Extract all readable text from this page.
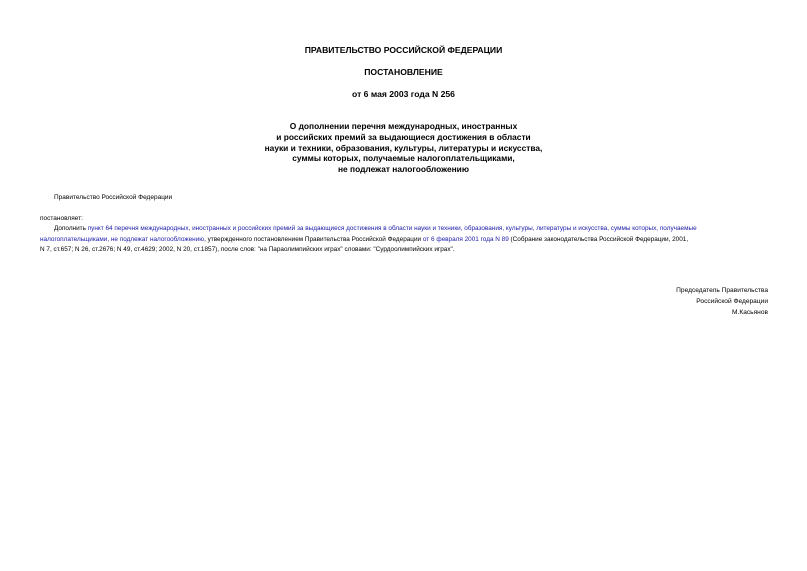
ПРАВИТЕЛЬСТВО РОССИЙСКОЙ ФЕДЕРАЦИИ
ПОСТАНОВЛЕНИЕ
от 6 мая 2003 года N 256
О дополнении перечня международных, иностранных
и российских премий за выдающиеся достижения в области
науки и техники, образования, культуры, литературы и искусства,
суммы которых, получаемые налогоплательщиками,
не подлежат налогообложению
Правительство Российской Федерации
постановляет:
Дополнить пункт 64 перечня международных, иностранных и российских премий за выдающиеся достижения в области науки и техники, образования, культуры, литературы и искусства, суммы которых, получаемые
налогоплательщиками, не подлежат налогообложению, утвержденного постановлением Правительства Российской Федерации от 6 февраля 2001 года N 89 (Собрание законодательства Российской Федерации, 2001,
N 7, ст.657; N 26, ст.2676; N 49, ст.4629; 2002, N 20, ст.1857), после слов: "на Параолимпийских играх" словами: "Сурдоолимпийских играх".
Председатель Правительства
Российской Федерации
М.Касьянов
